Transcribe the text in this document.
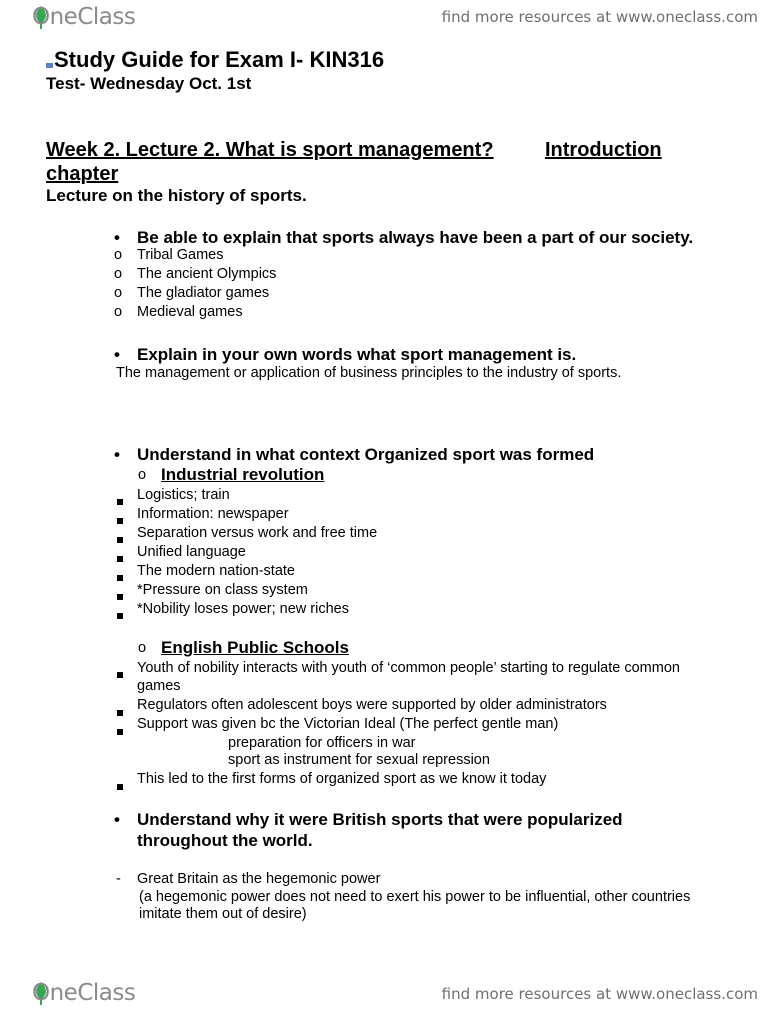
OneClass	find more resources at www.oneclass.com
Study Guide for Exam I- KIN316
Test- Wednesday Oct. 1st
Week 2. Lecture 2. What is sport management?	Introduction
chapter
Lecture on the history of sports.
• Be able to explain that sports always have been a part of our society.
o Tribal Games
o The ancient Olympics
o The gladiator games
o Medieval games
• Explain in your own words what sport management is.
The management or application of business principles to the industry of sports.
• Understand in what context Organized sport was formed
o Industrial revolution
Logistics; train
Information: newspaper
Separation versus work and free time
Unified language
The modern nation-state
*Pressure on class system
*Nobility loses power; new riches
o English Public Schools
Youth of nobility interacts with youth of ‘common people’ starting to regulate common
games
Regulators often adolescent boys were supported by older administrators
Support was given bc the Victorian Ideal (The perfect gentle man)
preparation for officers in war
sport as instrument for sexual repression
This led to the first forms of organized sport as we know it today
• Understand why it were British sports that were popularized
throughout the world.
- Great Britain as the hegemonic power
(a hegemonic power does not need to exert his power to be influential, other countries
imitate them out of desire)
OneClass	find more resources at www.oneclass.com
